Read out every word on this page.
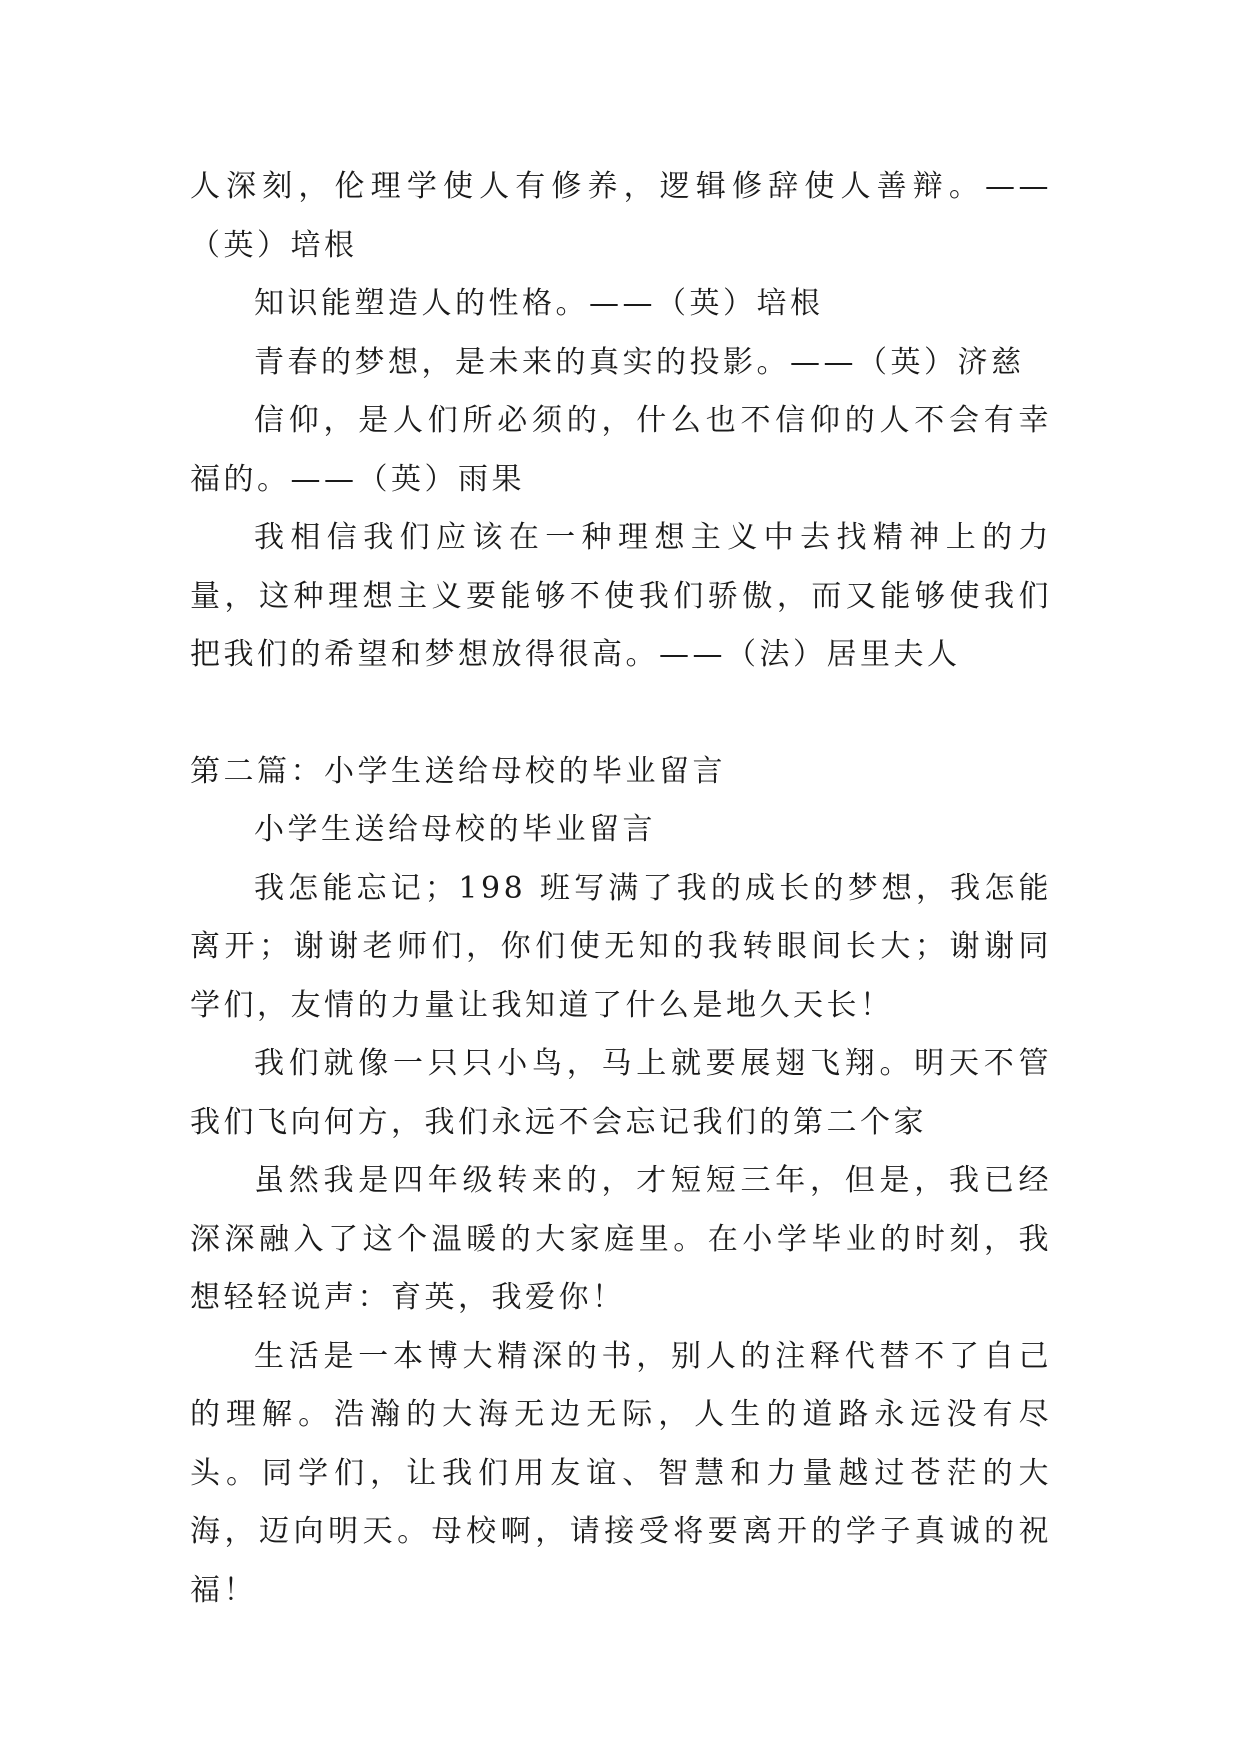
人深刻，伦理学使人有修养，逻辑修辞使人善辩。——（英）培根

知识能塑造人的性格。——（英）培根

青春的梦想，是未来的真实的投影。——（英）济慈

信仰，是人们所必须的，什么也不信仰的人不会有幸福的。——（英）雨果

我相信我们应该在一种理想主义中去找精神上的力量，这种理想主义要能够不使我们骄傲，而又能够使我们把我们的希望和梦想放得很高。——（法）居里夫人

第二篇：小学生送给母校的毕业留言

小学生送给母校的毕业留言

我怎能忘记；198 班写满了我的成长的梦想，我怎能离开；谢谢老师们，你们使无知的我转眼间长大；谢谢同学们，友情的力量让我知道了什么是地久天长！

我们就像一只只小鸟，马上就要展翅飞翔。明天不管我们飞向何方，我们永远不会忘记我们的第二个家

虽然我是四年级转来的，才短短三年，但是，我已经深深融入了这个温暖的大家庭里。在小学毕业的时刻，我想轻轻说声：育英，我爱你！

生活是一本博大精深的书，别人的注释代替不了自己的理解。浩瀚的大海无边无际，人生的道路永远没有尽头。同学们，让我们用友谊、智慧和力量越过苍茫的大海，迈向明天。母校啊，请接受将要离开的学子真诚的祝福！
